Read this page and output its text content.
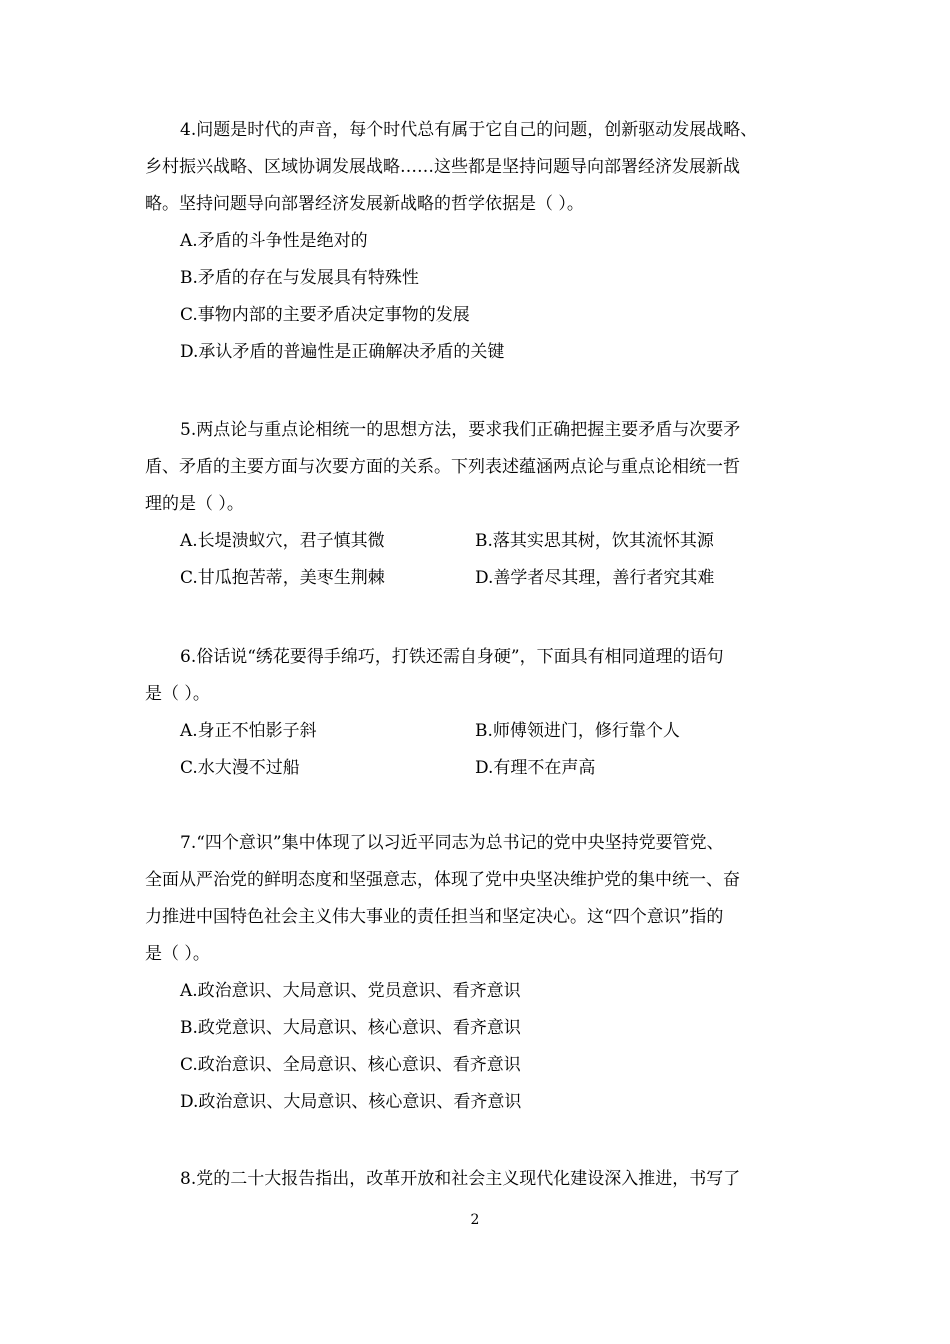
4.问题是时代的声音，每个时代总有属于它自己的问题，创新驱动发展战略、
乡村振兴战略、区域协调发展战略……这些都是坚持问题导向部署经济发展新战
略。坚持问题导向部署经济发展新战略的哲学依据是（ ）。
A.矛盾的斗争性是绝对的
B.矛盾的存在与发展具有特殊性
C.事物内部的主要矛盾决定事物的发展
D.承认矛盾的普遍性是正确解决矛盾的关键
5.两点论与重点论相统一的思想方法，要求我们正确把握主要矛盾与次要矛
盾、矛盾的主要方面与次要方面的关系。下列表述蕴涵两点论与重点论相统一哲
理的是（ ）。
A.长堤溃蚁穴，君子慎其微	B.落其实思其树，饮其流怀其源
C.甘瓜抱苦蒂，美枣生荆棘	D.善学者尽其理，善行者究其难
6.俗话说“绣花要得手绵巧，打铁还需自身硬”，下面具有相同道理的语句
是（ ）。
A.身正不怕影子斜	B.师傅领进门，修行靠个人
C.水大漫不过船	D.有理不在声高
7.“四个意识”集中体现了以习近平同志为总书记的党中央坚持党要管党、
全面从严治党的鲜明态度和坚强意志，体现了党中央坚决维护党的集中统一、奋
力推进中国特色社会主义伟大事业的责任担当和坚定决心。这“四个意识”指的
是（ ）。
A.政治意识、大局意识、党员意识、看齐意识
B.政党意识、大局意识、核心意识、看齐意识
C.政治意识、全局意识、核心意识、看齐意识
D.政治意识、大局意识、核心意识、看齐意识
8.党的二十大报告指出，改革开放和社会主义现代化建设深入推进，书写了
2
